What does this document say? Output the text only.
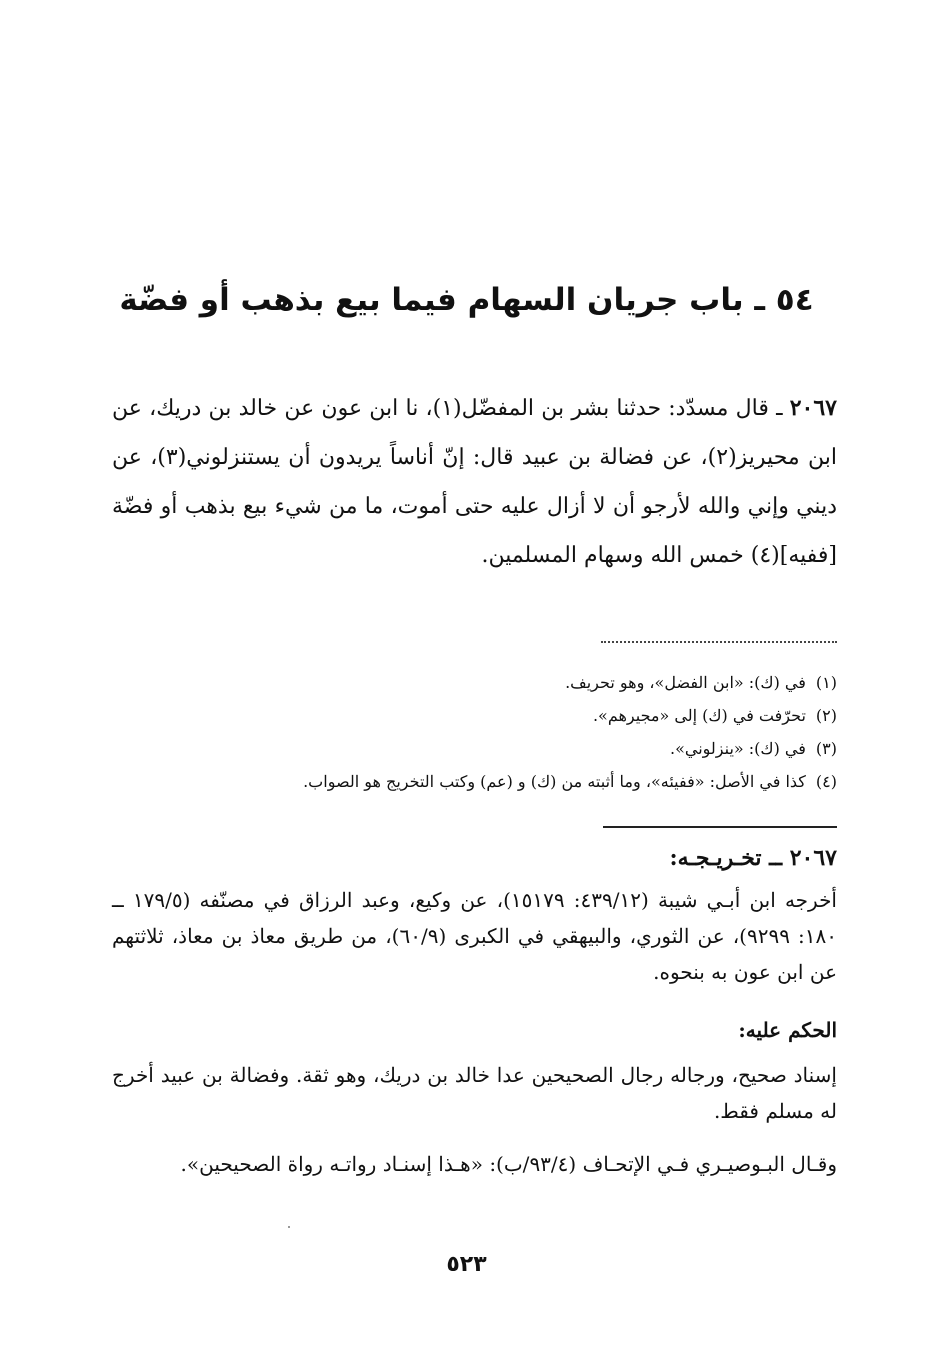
٥٤ ـ باب جريان السهام فيما بيع بذهب أو فضّة

٢٠٦٧ ـ قال مسدّد: حدثنا بشر بن المفضّل(١)، نا ابن عون عن خالد بن دريك، عن ابن محيريز(٢)، عن فضالة بن عبيد قال: إنّ أناساً يريدون أن يستنزلوني(٣)، عن ديني وإني والله لأرجو أن لا أزال عليه حتى أموت، ما من شيء بيع بذهب أو فضّة [ففيه](٤) خمس الله وسهام المسلمين.

(١)في (ك): «ابن الفضل»، وهو تحريف.
(٢)تحرّفت في (ك) إلى «مجيرهم».
(٣)في (ك): «ينزلوني».
(٤)كذا في الأصل: «ففيئه»، وما أثبته من (ك) و (عم) وكتب التخريج هو الصواب.
٢٠٦٧ ــ تخـريـجـه:

أخرجه ابن أبـي شيبة (٤٣٩/١٢: ١٥١٧٩)، عن وكيع، وعبد الرزاق في مصنّفه (١٧٩/٥ ــ ١٨٠: ٩٢٩٩)، عن الثوري، والبيهقي في الكبرى (٦٠/٩)، من طريق معاذ بن معاذ، ثلاثتهم عن ابن عون به بنحوه.

الحكم عليه:

إسناد صحيح، ورجاله رجال الصحيحين عدا خالد بن دريك، وهو ثقة. وفضالة بن عبيد أخرج له مسلم فقط.

وقـال البـوصيـري فـي الإتحـاف (٩٣/٤/ب): «هـذا إسنـاد رواتـه رواة الصحيحين».

٥٢٣
